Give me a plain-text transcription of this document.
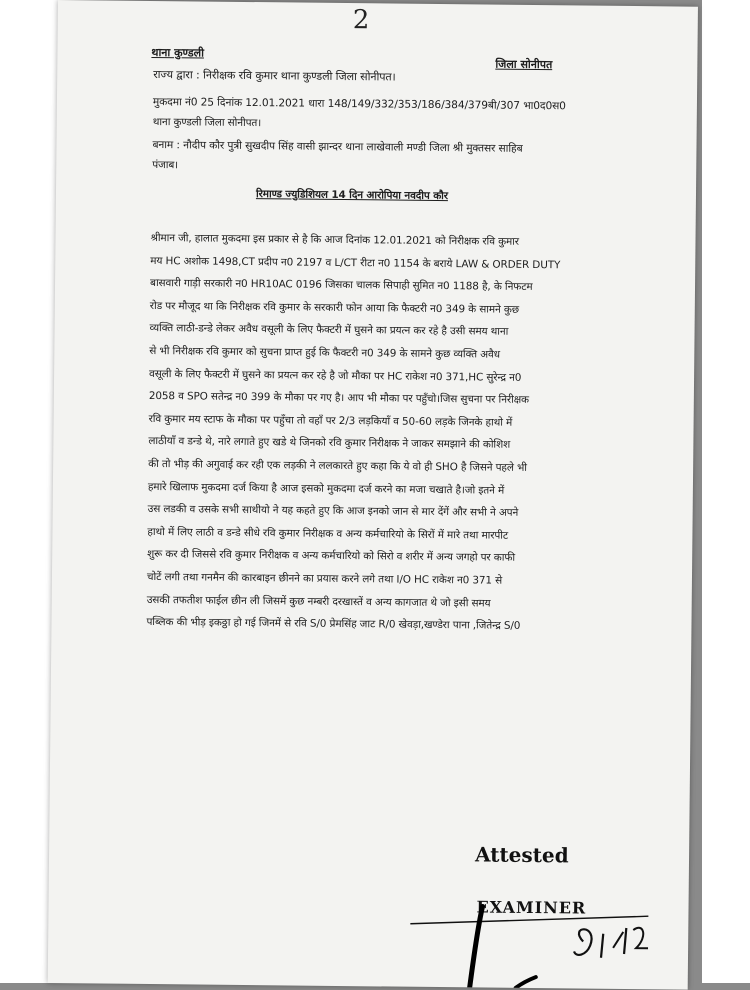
2
थाना कुण्डली
जिला सोनीपत
राज्य द्वारा : निरीक्षक रवि कुमार थाना कुण्डली जिला सोनीपत।
मुकदमा नं0 25 दिनांक 12.01.2021 धारा 148/149/332/353/186/384/379बी/307 भा0द0स0
थाना कुण्डली जिला सोनीपत।
बनाम : नौदीप कौर पुत्री सुखदीप सिंह वासी झान्दर थाना लाखेवाली मण्डी जिला श्री मुक्तसर साहिब
पंजाब।
रिमाण्ड ज्युडिशियल 14 दिन आरोपिया नवदीप कौर
श्रीमान जी, हालात मुकदमा इस प्रकार से है कि आज दिनांक 12.01.2021 को निरीक्षक रवि कुमार
मय HC अशोक 1498,CT प्रदीप न0 2197 व L/CT रीटा न0 1154 के बराये LAW & ORDER DUTY
बासवारी गाड़ी सरकारी न0 HR10AC 0196 जिसका चालक सिपाही सुमित न0 1188 है, के निफटम
रोड पर मौजूद था कि निरीक्षक रवि कुमार के सरकारी फोन आया कि फैक्टरी न0 349 के सामने कुछ
व्यक्ति लाठी-डन्डे लेकर अवैध वसूली के लिए फैक्टरी में घुसने का प्रयत्न कर रहे है उसी समय थाना
से भी निरीक्षक रवि कुमार को सुचना प्राप्त हुई कि फैक्टरी न0 349 के सामने कुछ व्यक्ति अवैध
वसूली के लिए फैक्टरी में घुसने का प्रयत्न कर रहे है जो मौका पर HC राकेश न0 371,HC सुरेन्द्र न0
2058 व SPO सतेन्द्र न0 399 के मौका पर गए है। आप भी मौका पर पहुँचो।जिस सुचना पर निरीक्षक
रवि कुमार मय स्टाफ के मौका पर पहुँचा तो वहाँ पर 2/3 लड़कियाँ व 50-60 लड़के जिनके हाथो में
लाठीयाँ व डन्डे थे, नारे लगाते हुए खडे थे जिनको रवि कुमार निरीक्षक ने जाकर समझाने की कोशिश
की तो भीड़ की अगुवाई कर रही एक लड़की ने ललकारते हुए कहा कि ये वो ही SHO है जिसने पहले भी
हमारे खिलाफ मुकदमा दर्ज किया है आज इसको मुकदमा दर्ज करने का मजा चखाते है।जो इतने में
उस लडकी व उसके सभी साथीयो ने यह कहते हुए कि आज इनको जान से मार देंगें और सभी ने अपने
हाथो में लिए लाठी व डन्डे सीधे रवि कुमार निरीक्षक व अन्य कर्मचारियो के सिरों में मारे तथा मारपीट
शुरू कर दी जिससे रवि कुमार निरीक्षक व अन्य कर्मचारियो को सिरो व शरीर में अन्य जगहो पर काफी
चोटें लगी तथा गनमैन की कारबाइन छीनने का प्रयास करने लगे तथा I/O HC राकेश न0 371 से
उसकी तफतीश फाईल छीन ली जिसमें कुछ नम्बरी दरखास्तें व अन्य कागजात थे जो इसी समय
पब्लिक की भीड़ इकठ्ठा हो गई जिनमें से रवि S/0 प्रेमसिंह जाट R/0 खेवड़ा,खण्डेरा पाना ,जितेन्द्र S/0
Attested
EXAMINER
